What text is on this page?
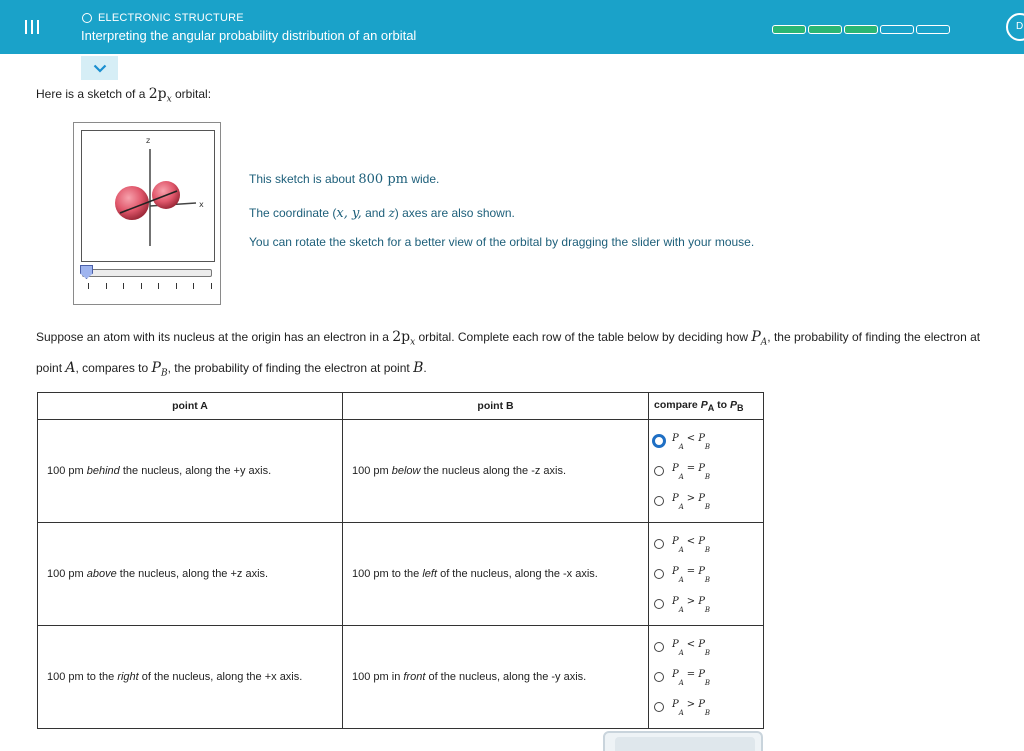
ELECTRONIC STRUCTURE
Interpreting the angular probability distribution of an orbital
D
Here is a sketch of a $2p_x$ orbital:
z
x
This sketch is about 800 pm wide.
The coordinate (x, y, and z) axes are also shown.
You can rotate the sketch for a better view of the orbital by dragging the slider with your mouse.
Suppose an atom with its nucleus at the origin has an electron in a $2p_x$ orbital. Complete each row of the table below by deciding how $P_A$, the probability of finding the electron at point A, compares to $P_B$, the probability of finding the electron at point B.
point A	point B	compare $P_A$ to $P_B$
100 pm behind the nucleus, along the +y axis.	100 pm below the nucleus along the -z axis.	$P_A< P_B$
$P_A= P_B$
$P_A> P_B$

100 pm above the nucleus, along the +z axis.	100 pm to the left of the nucleus, along the -x axis.	$P_A< P_B$
$P_A= P_B$
$P_A> P_B$

100 pm to the right of the nucleus, along the +x axis.	100 pm in front of the nucleus, along the -y axis.	$P_A< P_B$
$P_A= P_B$
$P_A> P_B$
